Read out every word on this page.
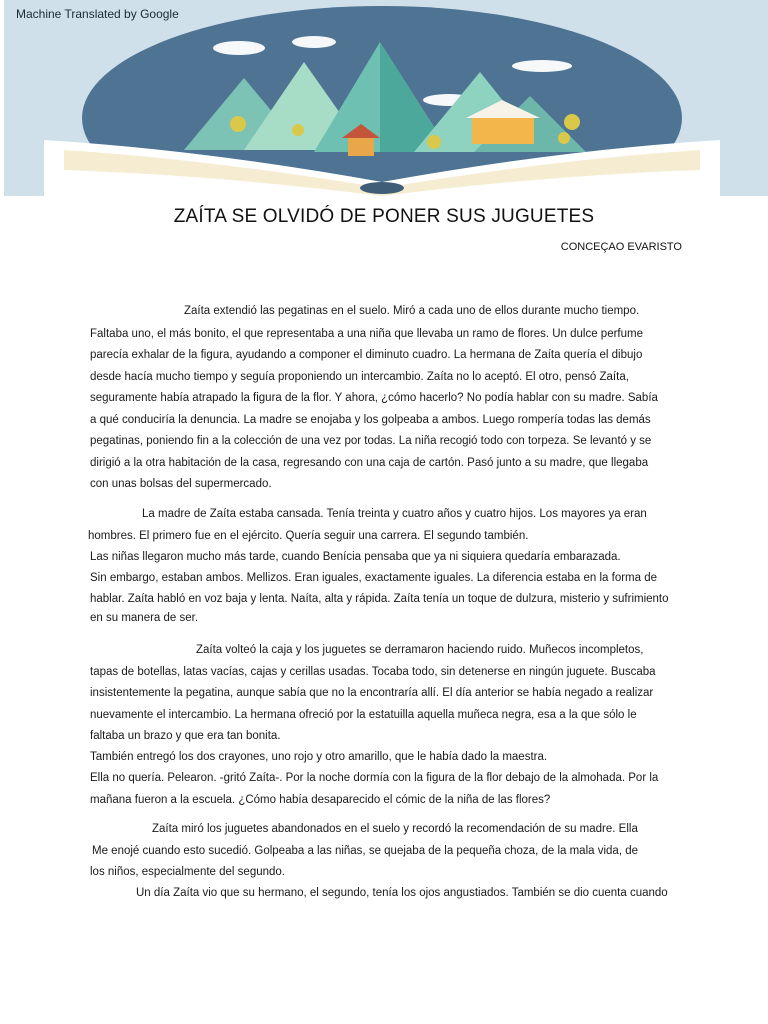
Machine Translated by Google
ZAÍTA SE OLVIDÓ DE PONER SUS JUGUETES
CONCEÇAO EVARISTO
Zaíta extendió las pegatinas en el suelo. Miró a cada uno de ellos durante mucho tiempo.
Faltaba uno, el más bonito, el que representaba a una niña que llevaba un ramo de flores. Un dulce perfume
parecía exhalar de la figura, ayudando a componer el diminuto cuadro. La hermana de Zaíta quería el dibujo
desde hacía mucho tiempo y seguía proponiendo un intercambio. Zaíta no lo aceptó. El otro, pensó Zaíta,
seguramente había atrapado la figura de la flor. Y ahora, ¿cómo hacerlo? No podía hablar con su madre. Sabía
a qué conduciría la denuncia. La madre se enojaba y los golpeaba a ambos. Luego rompería todas las demás
pegatinas, poniendo fin a la colección de una vez por todas. La niña recogió todo con torpeza. Se levantó y se
dirigió a la otra habitación de la casa, regresando con una caja de cartón. Pasó junto a su madre, que llegaba
con unas bolsas del supermercado.
La madre de Zaíta estaba cansada. Tenía treinta y cuatro años y cuatro hijos. Los mayores ya eran
hombres. El primero fue en el ejército. Quería seguir una carrera. El segundo también.
Las niñas llegaron mucho más tarde, cuando Benícia pensaba que ya ni siquiera quedaría embarazada.
Sin embargo, estaban ambos. Mellizos. Eran iguales, exactamente iguales. La diferencia estaba en la forma de
hablar. Zaíta habló en voz baja y lenta. Naíta, alta y rápida. Zaíta tenía un toque de dulzura, misterio y sufrimiento
en su manera de ser.
Zaíta volteó la caja y los juguetes se derramaron haciendo ruido. Muñecos incompletos,
tapas de botellas, latas vacías, cajas y cerillas usadas. Tocaba todo, sin detenerse en ningún juguete. Buscaba
insistentemente la pegatina, aunque sabía que no la encontraría allí. El día anterior se había negado a realizar
nuevamente el intercambio. La hermana ofreció por la estatuilla aquella muñeca negra, esa a la que sólo le
faltaba un brazo y que era tan bonita.
También entregó los dos crayones, uno rojo y otro amarillo, que le había dado la maestra.
Ella no quería. Pelearon. -gritó Zaíta-. Por la noche dormía con la figura de la flor debajo de la almohada. Por la
mañana fueron a la escuela. ¿Cómo había desaparecido el cómic de la niña de las flores?
Zaíta miró los juguetes abandonados en el suelo y recordó la recomendación de su madre. Ella
Me enojé cuando esto sucedió. Golpeaba a las niñas, se quejaba de la pequeña choza, de la mala vida, de
los niños, especialmente del segundo.
Un día Zaíta vio que su hermano, el segundo, tenía los ojos angustiados. También se dio cuenta cuando
